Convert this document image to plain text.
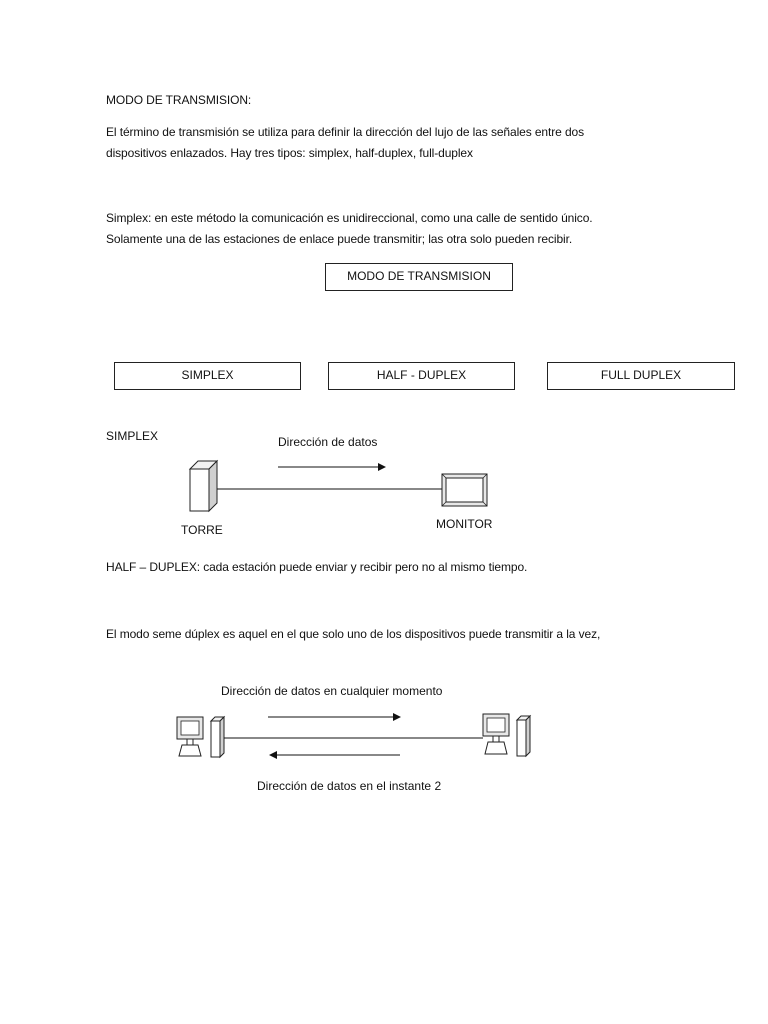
MODO DE TRANSMISION:
El término de transmisión se utiliza para definir la dirección del lujo de las señales entre dos
dispositivos enlazados. Hay tres tipos: simplex, half-duplex, full-duplex
Simplex: en este método la comunicación es unidireccional, como una calle de sentido único.
Solamente una de las estaciones de enlace puede transmitir; las otra solo pueden recibir.
MODO DE TRANSMISION
SIMPLEX	HALF - DUPLEX	FULL DUPLEX
SIMPLEX	Dirección de datos
TORRE	MONITOR
HALF – DUPLEX: cada estación puede enviar y recibir pero no al mismo tiempo.
El modo seme dúplex es aquel en el que solo uno de los dispositivos puede transmitir a la vez,
Dirección de datos en cualquier momento
Dirección de datos en el instante 2
